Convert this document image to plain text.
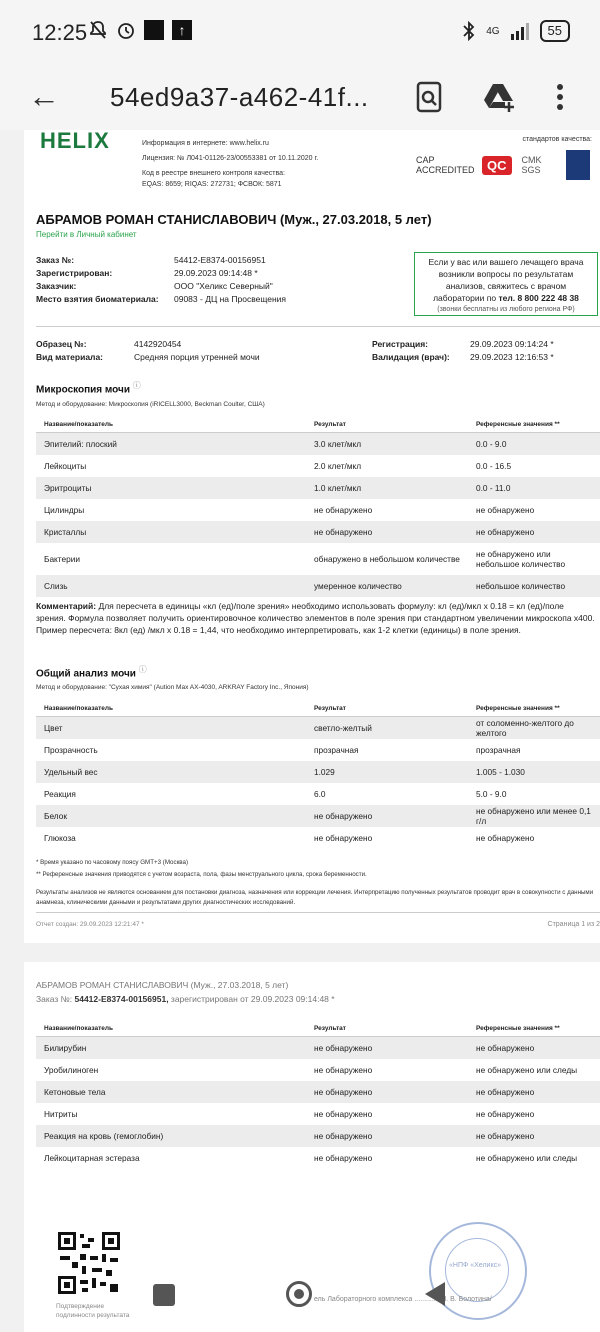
12:25	↑	4G	55
← 54ed9a37-a462-41f...
HELIX	Информация в интернете: www.helix.ru
Лицензия: № Л041-01126-23/00553381 от 10.11.2020 г.
Код в реестре внешнего контроля качества:
EQAS: 8659; RIQAS: 272731; ФСВОК: 5871
стандартов качества:
CAP ACCREDITED QC	CMK SGS
АБРАМОВ РОМАН СТАНИСЛАВОВИЧ (Муж., 27.03.2018, 5 лет)
Перейти в Личный кабинет
Заказ №:	54412-E8374-00156951
Зарегистрирован:	29.09.2023 09:14:48 *
Заказчик:	ООО "Хеликс Северный"
Место взятия биоматериала:	09083 - ДЦ на Просвещения
Если у вас или вашего лечащего врача
возникли вопросы по результатам
анализов, свяжитесь с врачом
лаборатории по тел. 8 800 222 48 38
(звонки бесплатны из любого региона РФ)
Образец №:	4142920454
Вид материала:	Средняя порция утренней мочи
Регистрация:	29.09.2023 09:14:24 *
Валидация (врач):	29.09.2023 12:16:53 *
Микроскопия мочи ⓘ
Метод и оборудование: Микроскопия (iRICELL3000, Beckman Coulter, США)
Название/показатель	Результат	Референсные значения **
Эпителий: плоский	3.0 клет/мкл	0.0 - 9.0
Лейкоциты	2.0 клет/мкл	0.0 - 16.5
Эритроциты	1.0 клет/мкл	0.0 - 11.0
Цилиндры	не обнаружено	не обнаружено
Кристаллы	не обнаружено	не обнаружено
Бактерии	обнаружено в небольшом количестве	не обнаружено или небольшое количество
Слизь	умеренное количество	небольшое количество
Комментарий: Для пересчета в единицы «кл (ед)/поле зрения» необходимо использовать формулу: кл (ед)/мкл х 0.18 = кл (ед)/поле зрения. Формула позволяет получить ориентировочное количество элементов в поле зрения при стандартном увеличении микроскопа х400. Пример пересчета: 8кл (ед) /мкл х 0.18 = 1,44, что необходимо интерпретировать, как 1-2 клетки (единицы) в поле зрения.
Общий анализ мочи ⓘ
Метод и оборудование: "Сухая химия" (Aution Max AX-4030, ARKRAY Factory Inc., Япония)
Название/показатель	Результат	Референсные значения **
Цвет	светло-желтый	от соломенно-желтого до желтого
Прозрачность	прозрачная	прозрачная
Удельный вес	1.029	1.005 - 1.030
Реакция	6.0	5.0 - 9.0
Белок	не обнаружено	не обнаружено или менее 0,1 г/л
Глюкоза	не обнаружено	не обнаружено
* Время указано по часовому поясу GMT+3 (Москва)
** Референсные значения приводятся с учетом возраста, пола, фазы менструального цикла, срока беременности.
Результаты анализов не являются основанием для постановки диагноза, назначения или коррекции лечения. Интерпретацию полученных результатов проводит врач в совокупности с данными анамнеза, клиническими данными и результатами других диагностических исследований.
Отчет создан: 29.09.2023 12:21:47 *	Страница 1 из 2
АБРАМОВ РОМАН СТАНИСЛАВОВИЧ (Муж., 27.03.2018, 5 лет)
Заказ №: 54412-E8374-00156951, зарегистрирован от 29.09.2023 09:14:48 *
Название/показатель	Результат	Референсные значения **
Билирубин	не обнаружено	не обнаружено
Уробилиноген	не обнаружено	не обнаружено или следы
Кетоновые тела	не обнаружено	не обнаружено
Нитриты	не обнаружено	не обнаружено
Реакция на кровь (гемоглобин)	не обнаружено	не обнаружено
Лейкоцитарная эстераза	не обнаружено	не обнаружено или следы
Подтверждение подлинности результата
«НПФ «Хеликс»
ель Лабораторного комплекса ............. Л. В. Болотина/
